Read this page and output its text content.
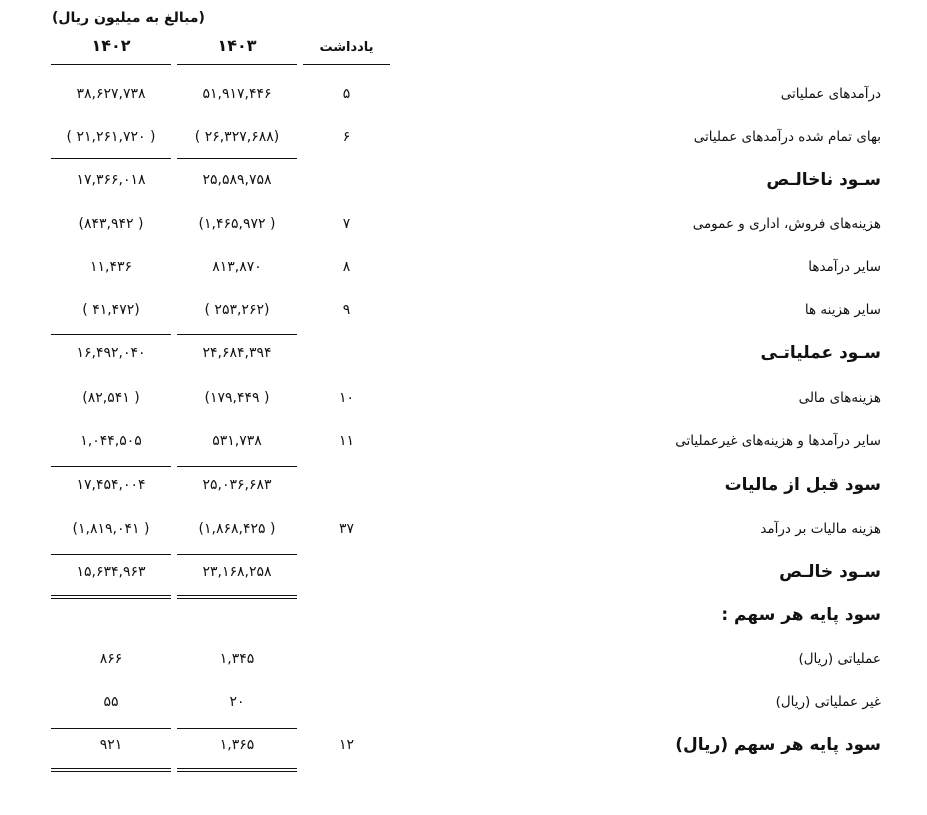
(مبالغ به میلیون ریال)
۱۴۰۲	۱۴۰۳	یادداشت
۳۸,۶۲۷,۷۳۸	۵۱,۹۱۷,۴۴۶	۵	درآمدهای عملیاتی
( ۲۱,۲۶۱,۷۲۰ )	( ۲۶,۳۲۷,۶۸۸)	۶	بهای تمام شده درآمدهای عملیاتی
۱۷,۳۶۶,۰۱۸	۲۵,۵۸۹,۷۵۸	سـود ناخالـص
(۸۴۳,۹۴۲ )	(۱,۴۶۵,۹۷۲ )	۷	هزینه‌های فروش، اداری و عمومی
۱۱,۴۳۶	۸۱۳,۸۷۰	۸	سایر درآمدها
( ۴۱,۴۷۲)	( ۲۵۳,۲۶۲)	۹	سایر هزینه ها
۱۶,۴۹۲,۰۴۰	۲۴,۶۸۴,۳۹۴	سـود عملیاتـی
(۸۲,۵۴۱ )	(۱۷۹,۴۴۹ )	۱۰	هزینه‌های مالی
۱,۰۴۴,۵۰۵	۵۳۱,۷۳۸	۱۱	سایر درآمدها و هزینه‌های غیرعملیاتی
۱۷,۴۵۴,۰۰۴	۲۵,۰۳۶,۶۸۳	سود قبل از مالیات
(۱,۸۱۹,۰۴۱ )	(۱,۸۶۸,۴۲۵ )	۳۷	هزینه مالیات بر درآمد
۱۵,۶۳۴,۹۶۳	۲۳,۱۶۸,۲۵۸	سـود خالـص
سود پایه هر سهم :
۸۶۶	۱,۳۴۵	عملیاتی (ریال)
۵۵	۲۰	غیر عملیاتی (ریال)
۹۲۱	۱,۳۶۵	۱۲	سود پایه هر سهم (ریال)
